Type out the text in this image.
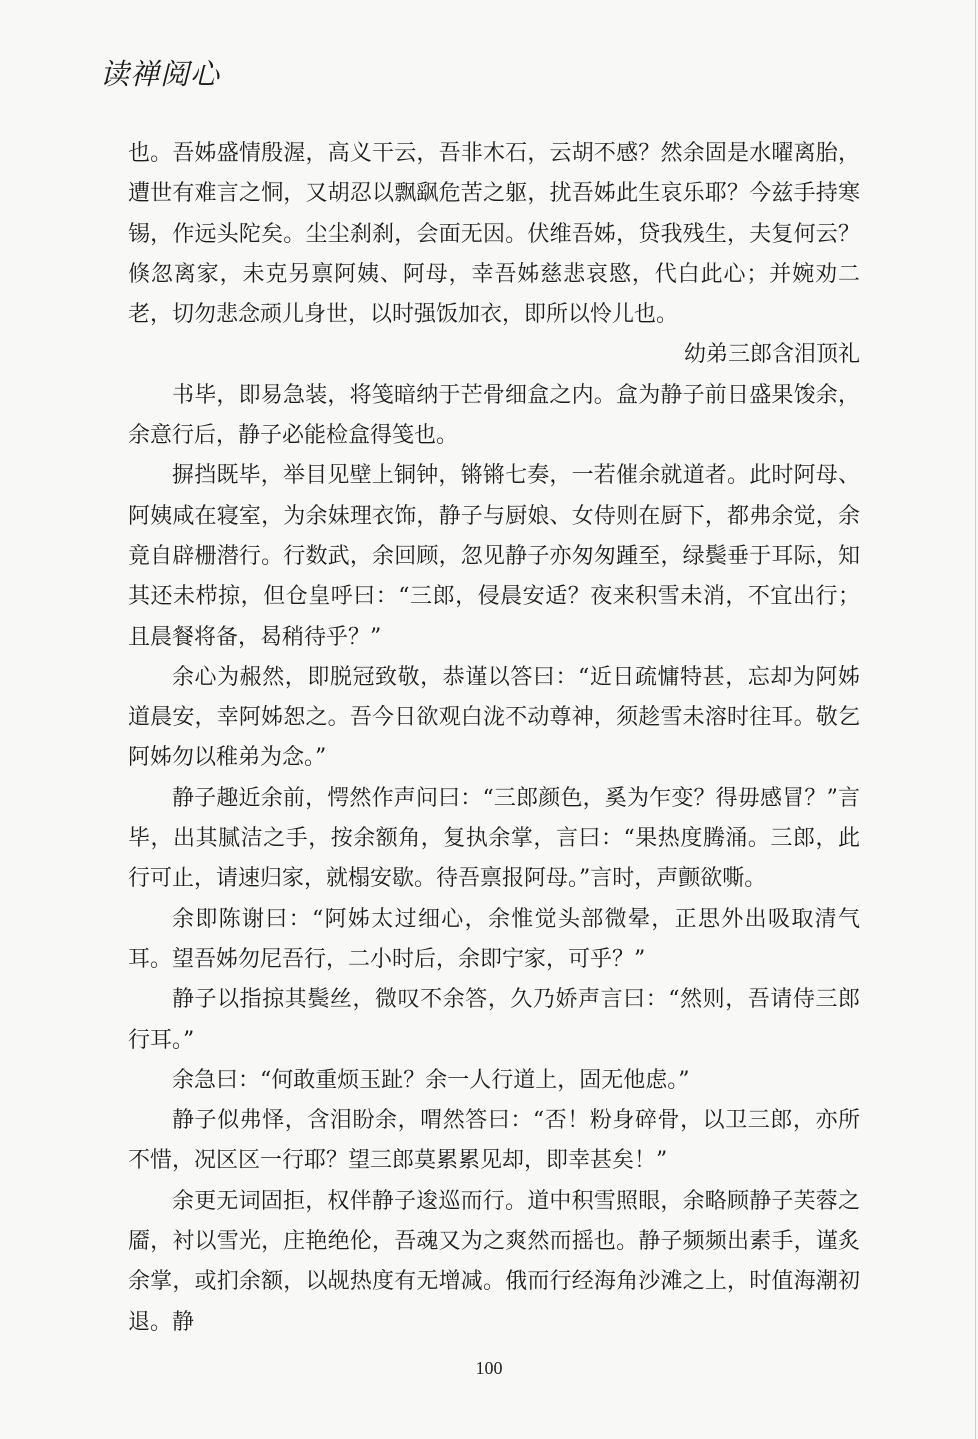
读禅阅心

也。吾姊盛情殷渥，高义干云，吾非木石，云胡不感？然余固是水曜离胎，遭世有难言之恫，又胡忍以飘飖危苦之躯，扰吾姊此生哀乐耶？今兹手持寒锡，作远头陀矣。尘尘刹刹，会面无因。伏维吾姊，贷我残生，夫复何云？倏忽离家，未克另禀阿姨、阿母，幸吾姊慈悲哀愍，代白此心；并婉劝二老，切勿悲念顽儿身世，以时强饭加衣，即所以怜儿也。

幼弟三郎含泪顶礼

书毕，即易急装，将笺暗纳于芒骨细盒之内。盒为静子前日盛果馂余，余意行后，静子必能检盒得笺也。

摒挡既毕，举目见壁上铜钟，锵锵七奏，一若催余就道者。此时阿母、阿姨咸在寝室，为余妹理衣饰，静子与厨娘、女侍则在厨下，都弗余觉，余竟自辟栅潜行。行数武，余回顾，忽见静子亦匆匆踵至，绿鬓垂于耳际，知其还未栉掠，但仓皇呼曰：“三郎，侵晨安适？夜来积雪未消，不宜出行；且晨餐将备，曷稍待乎？”

余心为赧然，即脱冠致敬，恭谨以答曰：“近日疏慵特甚，忘却为阿姊道晨安，幸阿姊恕之。吾今日欲观白泷不动尊神，须趁雪未溶时往耳。敬乞阿姊勿以稚弟为念。”

静子趣近余前，愕然作声问曰：“三郎颜色，奚为乍变？得毋感冒？”言毕，出其腻洁之手，按余额角，复执余掌，言曰：“果热度腾涌。三郎，此行可止，请速归家，就榻安歇。待吾禀报阿母。”言时，声颤欲嘶。

余即陈谢曰：“阿姊太过细心，余惟觉头部微晕，正思外出吸取清气耳。望吾姊勿尼吾行，二小时后，余即宁家，可乎？”

静子以指掠其鬓丝，微叹不余答，久乃娇声言曰：“然则，吾请侍三郎行耳。”

余急曰：“何敢重烦玉趾？余一人行道上，固无他虑。”

静子似弗怿，含泪盼余，喟然答曰：“否！粉身碎骨，以卫三郎，亦所不惜，况区区一行耶？望三郎莫累累见却，即幸甚矣！”

余更无词固拒，权伴静子逡巡而行。道中积雪照眼，余略顾静子芙蓉之靥，衬以雪光，庄艳绝伦，吾魂又为之爽然而摇也。静子频频出素手，谨炙余掌，或扪余额，以觇热度有无增减。俄而行经海角沙滩之上，时值海潮初退。静

100
